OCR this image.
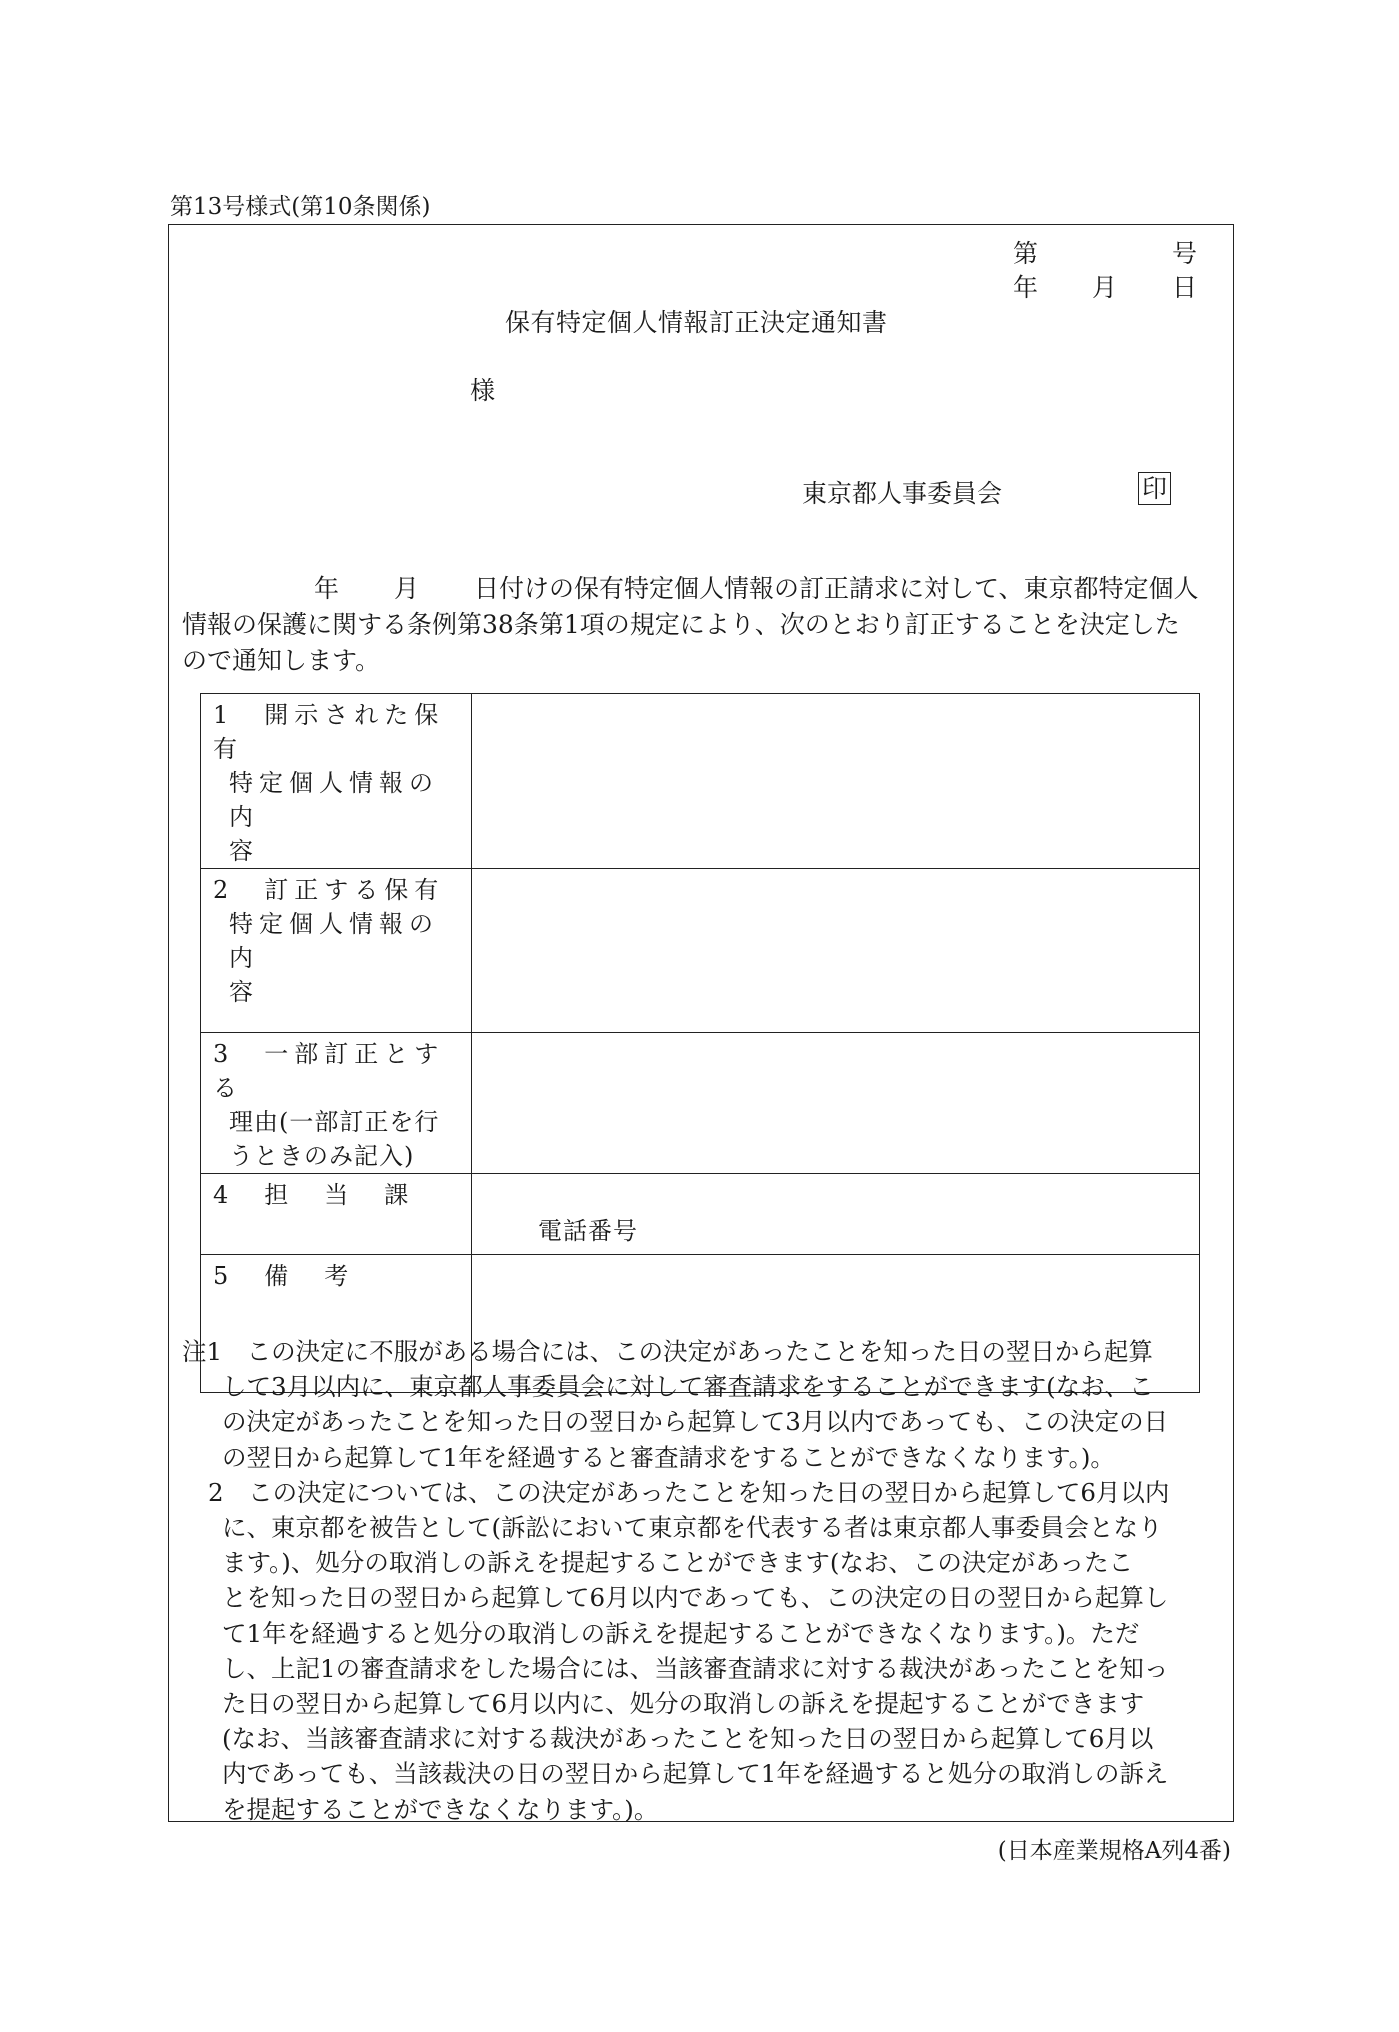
第13号様式(第10条関係)
第	号
年 月 日
保有特定個人情報訂正決定通知書
様
東京都人事委員会	印
年 月 日付けの保有特定個人情報の訂正請求に対して、東京都特定個人
情報の保護に関する条例第38条第1項の規定により、次のとおり訂正することを決定した
ので通知します。
1　開示された保有
特定個人情報の内
容	

2　訂正する保有
特定個人情報の 内
容	

3　一部訂正とする
理由(一部訂正を行
うときのみ記入)	

4　担　当　課	電話番号

5　備　考	

注1　この決定に不服がある場合には、この決定があったことを知った日の翌日から起算
して3月以内に、東京都人事委員会に対して審査請求をすることができます(なお、こ
の決定があったことを知った日の翌日から起算して3月以内であっても、この決定の日
の翌日から起算して1年を経過すると審査請求をすることができなくなります。)。
2　この決定については、この決定があったことを知った日の翌日から起算して6月以内
に、東京都を被告として(訴訟において東京都を代表する者は東京都人事委員会となり
ます。)、処分の取消しの訴えを提起することができます(なお、この決定があったこ
とを知った日の翌日から起算して6月以内であっても、この決定の日の翌日から起算し
て1年を経過すると処分の取消しの訴えを提起することができなくなります。)。ただ
し、上記1の審査請求をした場合には、当該審査請求に対する裁決があったことを知っ
た日の翌日から起算して6月以内に、処分の取消しの訴えを提起することができます
(なお、当該審査請求に対する裁決があったことを知った日の翌日から起算して6月以
内であっても、当該裁決の日の翌日から起算して1年を経過すると処分の取消しの訴え
を提起することができなくなります。)。
(日本産業規格A列4番)
